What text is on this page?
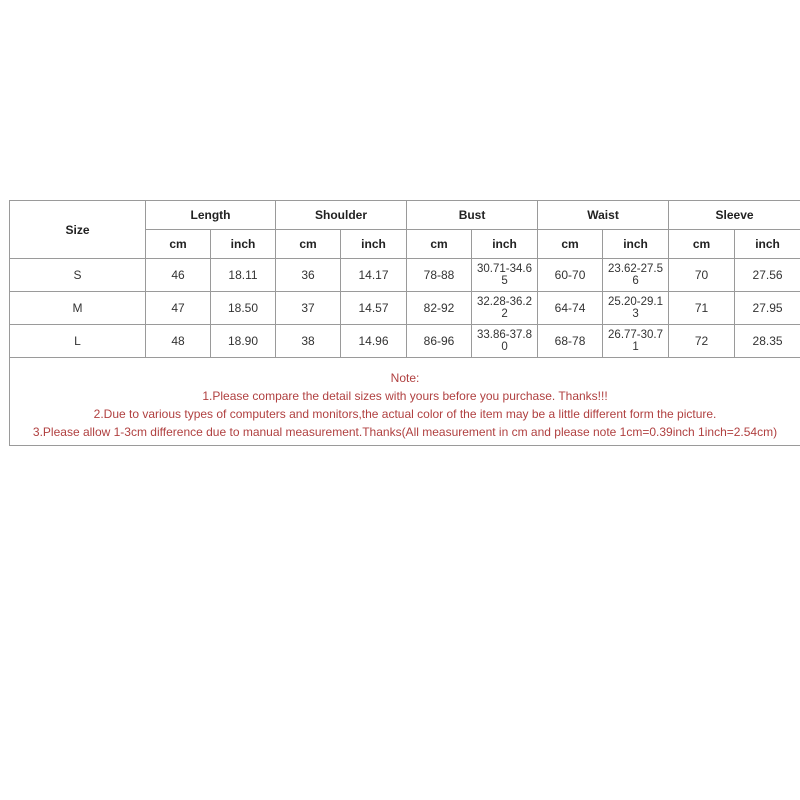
Size	Length		Shoulder		Bust		Waist		Sleeve	
	cm	inch	cm	inch	cm	inch	cm	inch	cm	inch
S	46	18.11	36	14.17	78-88	30.71-34.65	60-70	23.62-27.56	70	27.56
M	47	18.50	37	14.57	82-92	32.28-36.22	64-74	25.20-29.13	71	27.95
L	48	18.90	38	14.96	86-96	33.86-37.80	68-78	26.77-30.71	72	28.35

Note:
1.Please compare the detail sizes with yours before you purchase. Thanks!!!
2.Due to various types of computers and monitors,the actual color of the item may be a little different form the picture.
3.Please allow 1-3cm difference due to manual measurement.Thanks(All measurement in cm and please note 1cm=0.39inch 1inch=2.54cm)										
